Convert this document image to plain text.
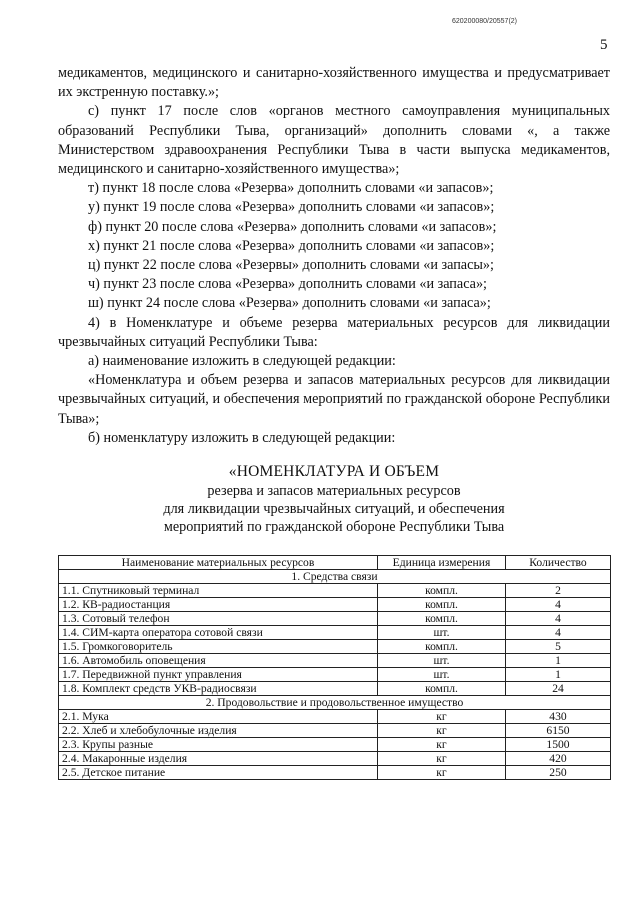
620200080/20557(2)
5

медикаментов, медицинского и санитарно-хозяйственного имущества и предусматривает их экстренную поставку.»;

с) пункт 17 после слов «органов местного самоуправления муниципальных образований Республики Тыва, организаций» дополнить словами «, а также Министерством здравоохранения Республики Тыва в части выпуска медикаментов, медицинского и санитарно-хозяйственного имущества»;

т) пункт 18 после слова «Резерва» дополнить словами «и запасов»;

у) пункт 19 после слова «Резерва» дополнить словами «и запасов»;

ф) пункт 20 после слова «Резерва» дополнить словами «и запасов»;

х) пункт 21 после слова «Резерва» дополнить словами «и запасов»;

ц) пункт 22 после слова «Резервы» дополнить словами «и запасы»;

ч) пункт 23 после слова «Резерва» дополнить словами «и запаса»;

ш) пункт 24 после слова «Резерва» дополнить словами «и запаса»;

4) в Номенклатуре и объеме резерва материальных ресурсов для ликвидации чрезвычайных ситуаций Республики Тыва:

а) наименование изложить в следующей редакции:

«Номенклатура и объем резерва и запасов материальных ресурсов для ликвидации чрезвычайных ситуаций, и обеспечения мероприятий по гражданской обороне Республики Тыва»;

б) номенклатуру изложить в следующей редакции:

«НОМЕНКЛАТУРА И ОБЪЕМ
резерва и запасов материальных ресурсов
для ликвидации чрезвычайных ситуаций, и обеспечения
мероприятий по гражданской обороне Республики Тыва
Наименование материальных ресурсов	Единица измерения	Количество
1. Средства связи		
1.1. Спутниковый терминал	компл.	2
1.2. КВ-радиостанция	компл.	4
1.3. Сотовый телефон	компл.	4
1.4. СИМ-карта оператора сотовой связи	шт.	4
1.5. Громкоговоритель	компл.	5
1.6. Автомобиль оповещения	шт.	1
1.7. Передвижной пункт управления	шт.	1
1.8. Комплект средств УКВ-радиосвязи	компл.	24
2. Продовольствие и продовольственное имущество		
2.1. Мука	кг	430
2.2. Хлеб и хлебобулочные изделия	кг	6150
2.3. Крупы разные	кг	1500
2.4. Макаронные изделия	кг	420
2.5. Детское питание	кг	250
